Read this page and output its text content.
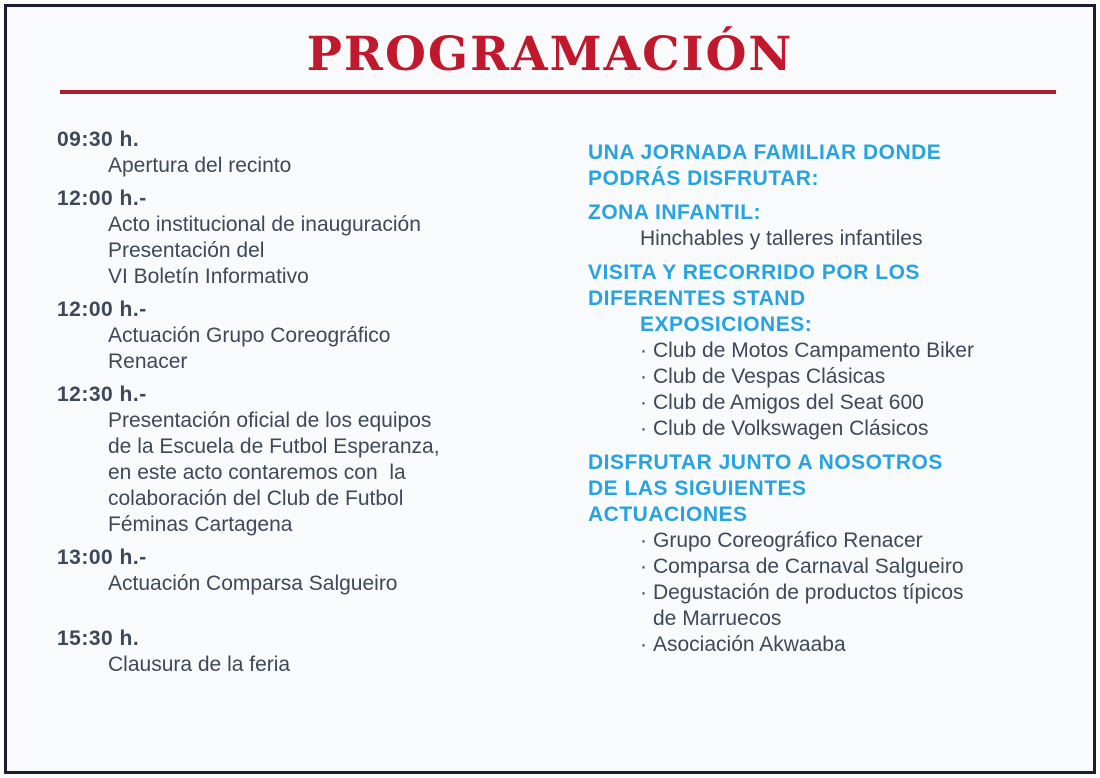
PROGRAMACIÓN
09:30 h.
Apertura del recinto
12:00 h.-
Acto institucional de inauguración
Presentación del
VI Boletín Informativo
12:00 h.-
Actuación Grupo Coreográfico
Renacer
12:30 h.-
Presentación oficial de los equipos
de la Escuela de Futbol Esperanza,
en este acto contaremos con  la
colaboración del Club de Futbol
Féminas Cartagena
13:00 h.-
Actuación Comparsa Salgueiro
15:30 h.
Clausura de la feria
UNA JORNADA FAMILIAR DONDE
PODRÁS DISFRUTAR:
ZONA INFANTIL:
Hinchables y talleres infantiles
VISITA Y RECORRIDO POR LOS
DIFERENTES STAND
EXPOSICIONES:
· Club de Motos Campamento Biker
· Club de Vespas Clásicas
· Club de Amigos del Seat 600
· Club de Volkswagen Clásicos
DISFRUTAR JUNTO A NOSOTROS
DE LAS SIGUIENTES
ACTUACIONES
· Grupo Coreográfico Renacer
· Comparsa de Carnaval Salgueiro
· Degustación de productos típicos
de Marruecos
· Asociación Akwaaba
